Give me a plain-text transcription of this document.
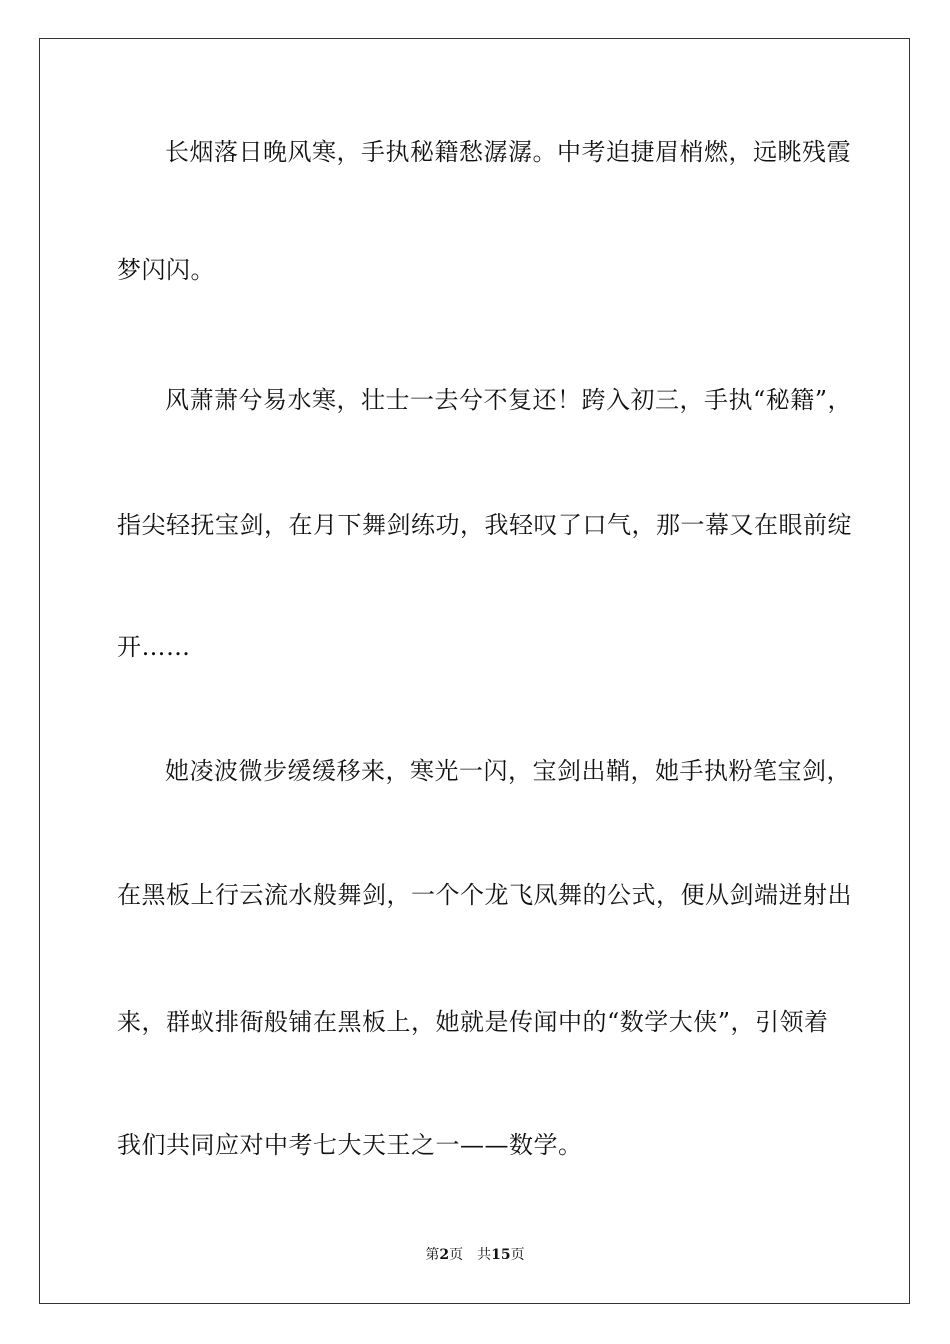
长烟落日晚风寒，手执秘籍愁潺潺。中考迫捷眉梢燃，远眺残霞
梦闪闪。
风萧萧兮易水寒，壮士一去兮不复还！跨入初三，手执“秘籍”，
指尖轻抚宝剑，在月下舞剑练功，我轻叹了口气，那一幕又在眼前绽
开……
她凌波微步缓缓移来，寒光一闪，宝剑出鞘，她手执粉笔宝剑，
在黑板上行云流水般舞剑，一个个龙飞凤舞的公式，便从剑端迸射出
来，群蚁排衙般铺在黑板上，她就是传闻中的“数学大侠”，引领着
我们共同应对中考七大天王之一——数学。
第2页 共15页
